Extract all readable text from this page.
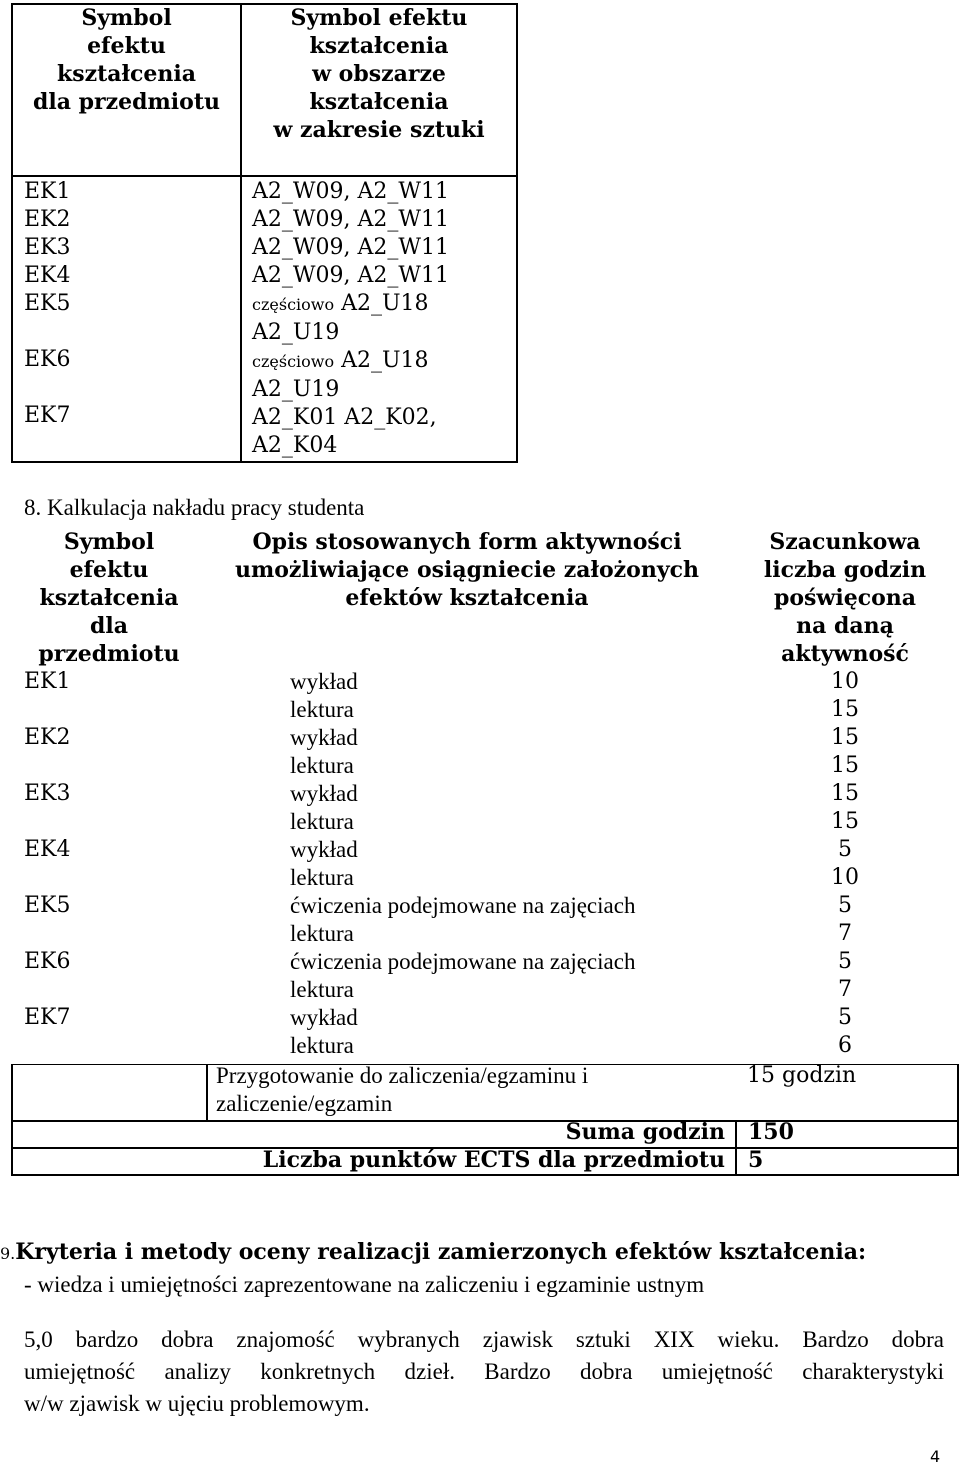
Symbol
efektu
kształcenia
dla przedmiotu
Symbol efektu
kształcenia
w obszarze
kształcenia
w zakresie sztuki
EK1
EK2
EK3
EK4
EK5
EK6
EK7
A2_W09, A2_W11
A2_W09, A2_W11
A2_W09, A2_W11
A2_W09, A2_W11
częściowo A2_U18
A2_U19
częściowo A2_U18
A2_U19
A2_K01 A2_K02,
A2_K04
8. Kalkulacja nakładu pracy studenta
Symbol
efektu
kształcenia
dla
przedmiotu
Opis stosowanych form aktywności
umożliwiające osiągniecie założonych
efektów kształcenia
Szacunkowa
liczba godzin
poświęcona
na daną
aktywność
EK1
EK2
EK3
EK4
EK5
EK6
EK7
wykład
lektura
wykład
lektura
wykład
lektura
wykład
lektura
ćwiczenia podejmowane na zajęciach
lektura
ćwiczenia podejmowane na zajęciach
lektura
wykład
lektura
10
15
15
15
15
15
5
10
5
7
5
7
5
6
Przygotowanie do zaliczenia/egzaminu i
zaliczenie/egzamin
15 godzin
Suma godzin 150
Liczba punktów ECTS dla przedmiotu 5
9.Kryteria i metody oceny realizacji zamierzonych efektów kształcenia:
- wiedza i umiejętności zaprezentowane na zaliczeniu i egzaminie ustnym
5,0 bardzo dobra znajomość wybranych zjawisk sztuki XIX wieku. Bardzo dobra
umiejętność analizy konkretnych dzieł. Bardzo dobra umiejętność charakterystyki
w/w zjawisk w ujęciu problemowym.
4
